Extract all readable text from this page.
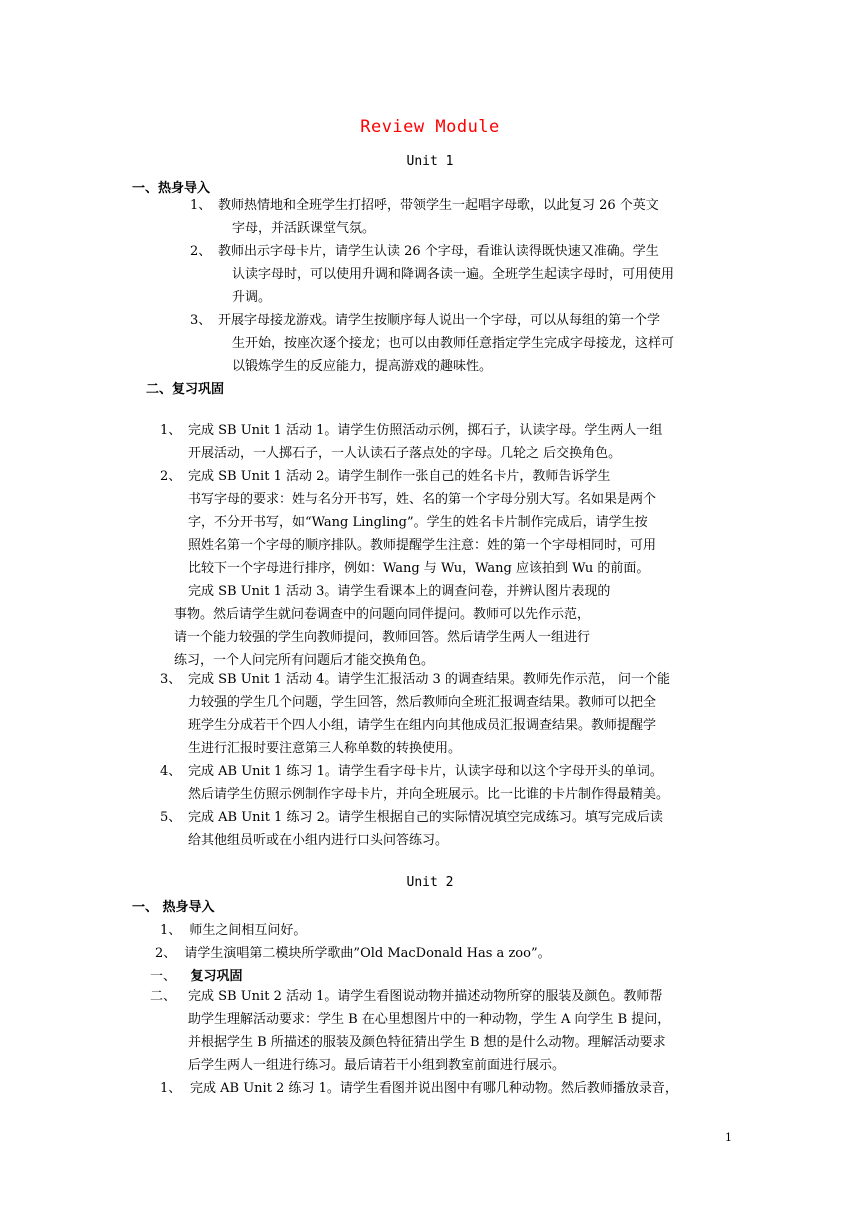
Review Module
Unit 1
一、热身导入
1、 教师热情地和全班学生打招呼，带领学生一起唱字母歌，以此复习 26 个英文
字母，并活跃课堂气氛。
2、 教师出示字母卡片，请学生认读 26 个字母，看谁认读得既快速又准确。学生
认读字母时，可以使用升调和降调各读一遍。全班学生起读字母时，可用使用
升调。
3、 开展字母接龙游戏。请学生按顺序每人说出一个字母，可以从每组的第一个学
生开始，按座次逐个接龙；也可以由教师任意指定学生完成字母接龙，这样可
以锻炼学生的反应能力，提高游戏的趣味性。
二、复习巩固
1、 完成 SB Unit 1 活动 1。请学生仿照活动示例，掷石子，认读字母。学生两人一组
开展活动，一人掷石子，一人认读石子落点处的字母。几轮之 后交换角色。
2、 完成 SB Unit 1 活动 2。请学生制作一张自己的姓名卡片，教师告诉学生
书写字母的要求：姓与名分开书写，姓、名的第一个字母分别大写。名如果是两个
字，不分开书写，如“Wang Lingling”。学生的姓名卡片制作完成后，请学生按
照姓名第一个字母的顺序排队。教师提醒学生注意：姓的第一个字母相同时，可用
比较下一个字母进行排序，例如：Wang 与 Wu，Wang 应该拍到 Wu 的前面。
完成 SB Unit 1 活动 3。请学生看课本上的调查问卷，并辨认图片表现的
事物。然后请学生就问卷调查中的问题向同伴提问。教师可以先作示范，
请一个能力较强的学生向教师提问，教师回答。然后请学生两人一组进行
练习，一个人问完所有问题后才能交换角色。
3、 完成 SB Unit 1 活动 4。请学生汇报活动 3 的调查结果。教师先作示范， 问一个能
力较强的学生几个问题，学生回答，然后教师向全班汇报调查结果。教师可以把全
班学生分成若干个四人小组，请学生在组内向其他成员汇报调查结果。教师提醒学
生进行汇报时要注意第三人称单数的转换使用。
4、 完成 AB Unit 1 练习 1。请学生看字母卡片，认读字母和以这个字母开头的单词。
然后请学生仿照示例制作字母卡片，并向全班展示。比一比谁的卡片制作得最精美。
5、 完成 AB Unit 1 练习 2。请学生根据自己的实际情况填空完成练习。填写完成后读
给其他组员听或在小组内进行口头问答练习。
Unit 2
一、 热身导入
1、 师生之间相互问好。
2、 请学生演唱第二模块所学歌曲”Old MacDonald Has a zoo”。
一、 复习巩固
二、 完成 SB Unit 2 活动 1。请学生看图说动物并描述动物所穿的服装及颜色。教师帮
助学生理解活动要求：学生 B 在心里想图片中的一种动物，学生 A 向学生 B 提问，
并根据学生 B 所描述的服装及颜色特征猜出学生 B 想的是什么动物。理解活动要求
后学生两人一组进行练习。最后请若干小组到教室前面进行展示。
1、 完成 AB Unit 2 练习 1。请学生看图并说出图中有哪几种动物。然后教师播放录音，
1
